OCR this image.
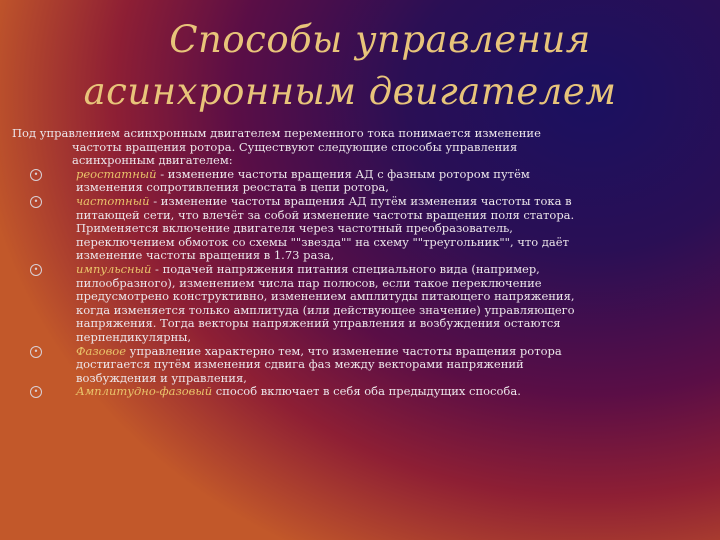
Способы управления
асинхронным двигателем
Под управлением асинхронным двигателем переменного тока понимается изменение
частоты вращения ротора. Существуют следующие способы управления
асинхронным двигателем:
•	реостатный - изменение частоты вращения АД с фазным ротором путём
изменения сопротивления реостата в цепи ротора,
•	частотный - изменение частоты вращения АД путём изменения частоты тока в
питающей сети, что влечёт за собой изменение частоты вращения поля статора.
Применяется включение двигателя через частотный преобразователь,
переключением обмоток со схемы ""звезда"" на схему ""треугольник"", что даёт
изменение частоты вращения в 1.73 раза,
•	импульсный - подачей напряжения питания специального вида (например,
пилообразного), изменением числа пар полюсов, если такое переключение
предусмотрено конструктивно, изменением амплитуды питающего напряжения,
когда изменяется только амплитуда (или действующее значение) управляющего
напряжения. Тогда векторы напряжений управления и возбуждения остаются
перпендикулярны,
•	Фазовое управление характерно тем, что изменение частоты вращения ротора
достигается путём изменения сдвига фаз между векторами напряжений
возбуждения и управления,
•	Амплитудно-фазовый способ включает в себя оба предыдущих способа.
